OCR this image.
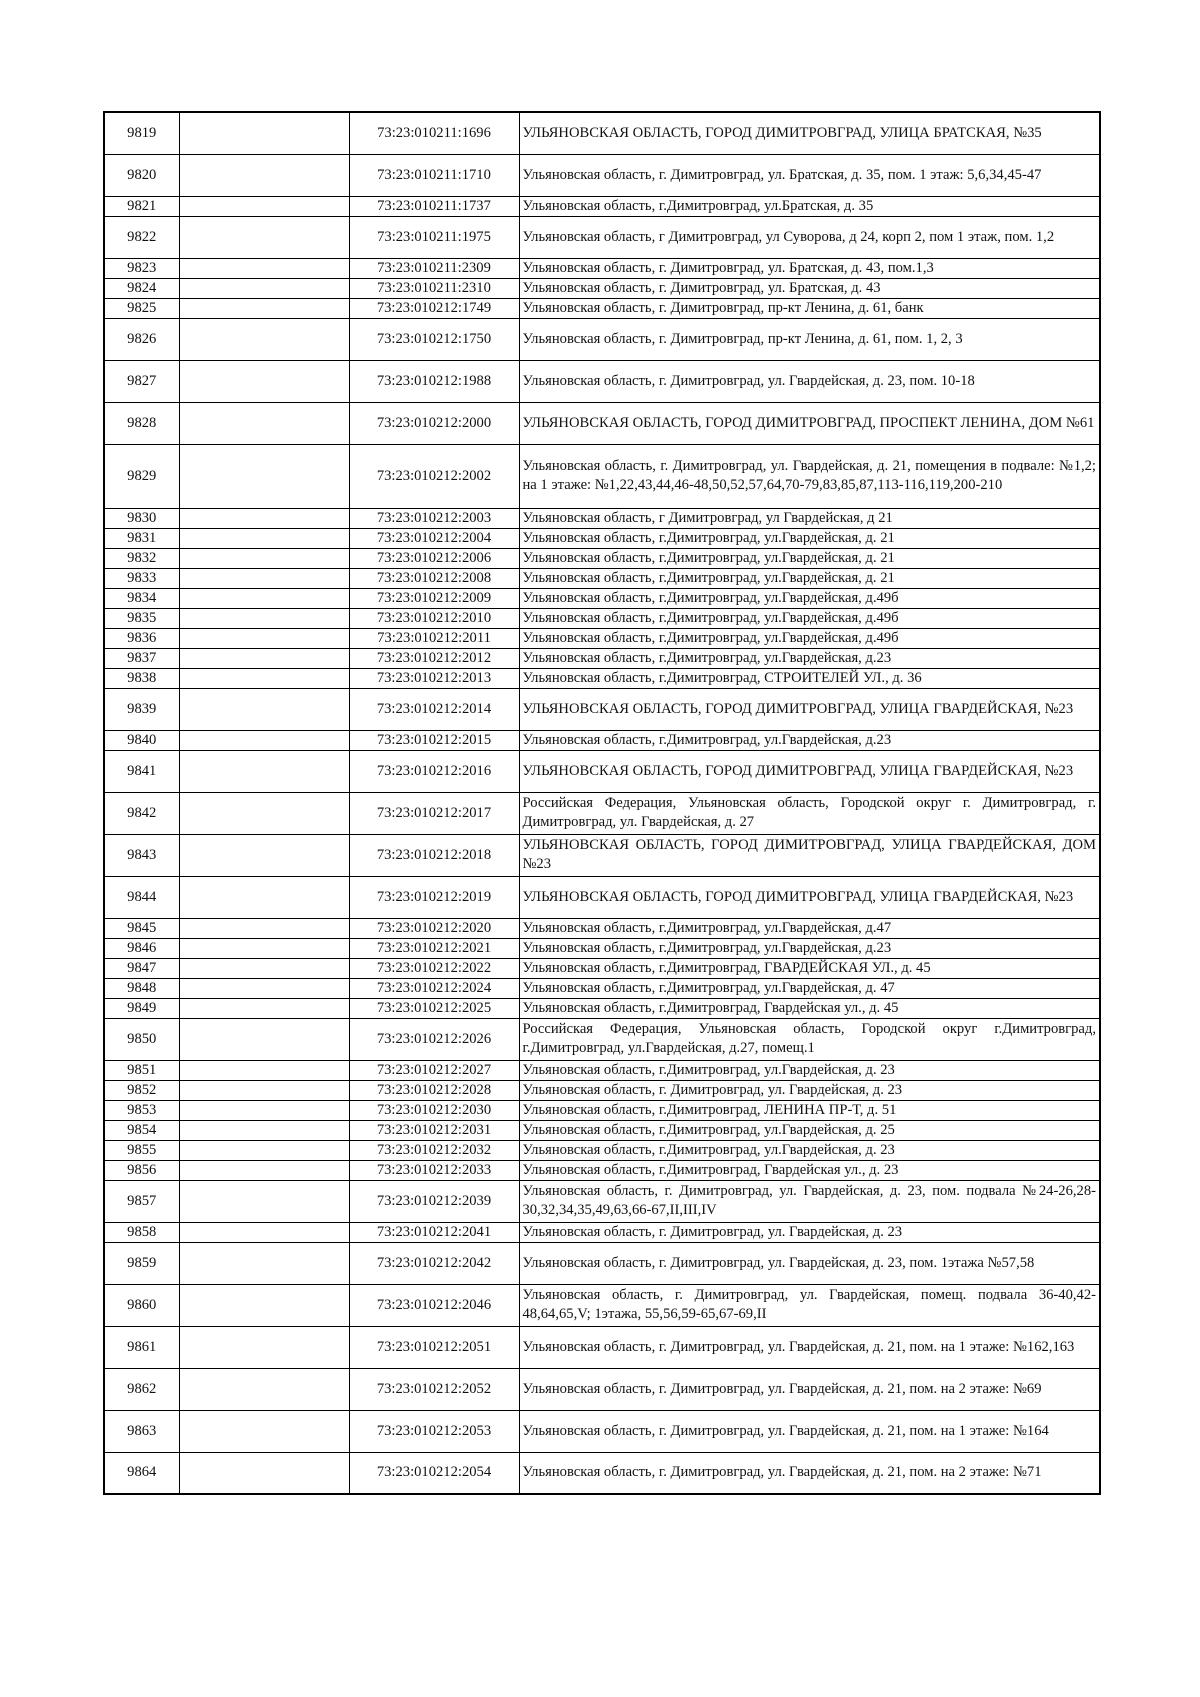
9819		73:23:010211:1696	УЛЬЯНОВСКАЯ ОБЛАСТЬ, ГОРОД ДИМИТРОВГРАД, УЛИЦА БРАТСКАЯ, №35
9820		73:23:010211:1710	Ульяновская область, г. Димитровград, ул. Братская, д. 35, пом. 1 этаж: 5,6,34,45-47
9821		73:23:010211:1737	Ульяновская область, г.Димитровград, ул.Братская, д. 35
9822		73:23:010211:1975	Ульяновская область, г Димитровград, ул Суворова, д 24, корп 2, пом 1 этаж, пом. 1,2
9823		73:23:010211:2309	Ульяновская область, г. Димитровград, ул. Братская, д. 43, пом.1,3
9824		73:23:010211:2310	Ульяновская область, г. Димитровград, ул. Братская, д. 43
9825		73:23:010212:1749	Ульяновская область, г. Димитровград, пр-кт Ленина, д. 61, банк
9826		73:23:010212:1750	Ульяновская область, г. Димитровград, пр-кт Ленина, д. 61, пом. 1, 2, 3
9827		73:23:010212:1988	Ульяновская область, г. Димитровград, ул. Гвардейская, д. 23, пом. 10-18
9828		73:23:010212:2000	УЛЬЯНОВСКАЯ ОБЛАСТЬ, ГОРОД ДИМИТРОВГРАД, ПРОСПЕКТ ЛЕНИНА, ДОМ №61
9829		73:23:010212:2002	Ульяновская область, г. Димитровград, ул. Гвардейская, д. 21, помещения в подвале: №1,2; на 1 этаже: №1,22,43,44,46-48,50,52,57,64,70-79,83,85,87,113-116,119,200-210
9830		73:23:010212:2003	Ульяновская область, г Димитровград, ул Гвардейская, д 21
9831		73:23:010212:2004	Ульяновская область, г.Димитровград, ул.Гвардейская, д. 21
9832		73:23:010212:2006	Ульяновская область, г.Димитровград, ул.Гвардейская, д. 21
9833		73:23:010212:2008	Ульяновская область, г.Димитровград, ул.Гвардейская, д. 21
9834		73:23:010212:2009	Ульяновская область, г.Димитровград, ул.Гвардейская, д.49б
9835		73:23:010212:2010	Ульяновская область, г.Димитровград, ул.Гвардейская, д.49б
9836		73:23:010212:2011	Ульяновская область, г.Димитровград, ул.Гвардейская, д.49б
9837		73:23:010212:2012	Ульяновская область, г.Димитровград, ул.Гвардейская, д.23
9838		73:23:010212:2013	Ульяновская область, г.Димитровград, СТРОИТЕЛЕЙ УЛ., д. 36
9839		73:23:010212:2014	УЛЬЯНОВСКАЯ ОБЛАСТЬ, ГОРОД ДИМИТРОВГРАД, УЛИЦА ГВАРДЕЙСКАЯ, №23
9840		73:23:010212:2015	Ульяновская область, г.Димитровград, ул.Гвардейская, д.23
9841		73:23:010212:2016	УЛЬЯНОВСКАЯ ОБЛАСТЬ, ГОРОД ДИМИТРОВГРАД, УЛИЦА ГВАРДЕЙСКАЯ, №23
9842		73:23:010212:2017	Российская Федерация, Ульяновская область, Городской округ г. Димитровград, г. Димитровград, ул. Гвардейская, д. 27
9843		73:23:010212:2018	УЛЬЯНОВСКАЯ ОБЛАСТЬ, ГОРОД ДИМИТРОВГРАД, УЛИЦА ГВАРДЕЙСКАЯ, ДОМ №23
9844		73:23:010212:2019	УЛЬЯНОВСКАЯ ОБЛАСТЬ, ГОРОД ДИМИТРОВГРАД, УЛИЦА ГВАРДЕЙСКАЯ, №23
9845		73:23:010212:2020	Ульяновская область, г.Димитровград, ул.Гвардейская, д.47
9846		73:23:010212:2021	Ульяновская область, г.Димитровград, ул.Гвардейская, д.23
9847		73:23:010212:2022	Ульяновская область, г.Димитровград, ГВАРДЕЙСКАЯ УЛ., д. 45
9848		73:23:010212:2024	Ульяновская область, г.Димитровград, ул.Гвардейская, д. 47
9849		73:23:010212:2025	Ульяновская область, г.Димитровград, Гвардейская ул., д. 45
9850		73:23:010212:2026	Российская Федерация, Ульяновская область, Городской округ г.Димитровград, г.Димитровград, ул.Гвардейская, д.27, помещ.1
9851		73:23:010212:2027	Ульяновская область, г.Димитровград, ул.Гвардейская, д. 23
9852		73:23:010212:2028	Ульяновская область, г. Димитровград, ул. Гвардейская, д. 23
9853		73:23:010212:2030	Ульяновская область, г.Димитровград, ЛЕНИНА ПР-Т, д. 51
9854		73:23:010212:2031	Ульяновская область, г.Димитровград, ул.Гвардейская, д. 25
9855		73:23:010212:2032	Ульяновская область, г.Димитровград, ул.Гвардейская, д. 23
9856		73:23:010212:2033	Ульяновская область, г.Димитровград, Гвардейская ул., д. 23
9857		73:23:010212:2039	Ульяновская область, г. Димитровград, ул. Гвардейская, д. 23, пом. подвала №24-26,28-30,32,34,35,49,63,66-67,II,III,IV
9858		73:23:010212:2041	Ульяновская область, г. Димитровград, ул. Гвардейская, д. 23
9859		73:23:010212:2042	Ульяновская область, г. Димитровград, ул. Гвардейская, д. 23, пом. 1этажа №57,58
9860		73:23:010212:2046	Ульяновская область, г. Димитровград, ул. Гвардейская, помещ. подвала 36-40,42-48,64,65,V; 1этажа, 55,56,59-65,67-69,II
9861		73:23:010212:2051	Ульяновская область, г. Димитровград, ул. Гвардейская, д. 21, пом. на 1 этаже: №162,163
9862		73:23:010212:2052	Ульяновская область, г. Димитровград, ул. Гвардейская, д. 21, пом. на 2 этаже: №69
9863		73:23:010212:2053	Ульяновская область, г. Димитровград, ул. Гвардейская, д. 21, пом. на 1 этаже: №164
9864		73:23:010212:2054	Ульяновская область, г. Димитровград, ул. Гвардейская, д. 21, пом. на 2 этаже: №71
